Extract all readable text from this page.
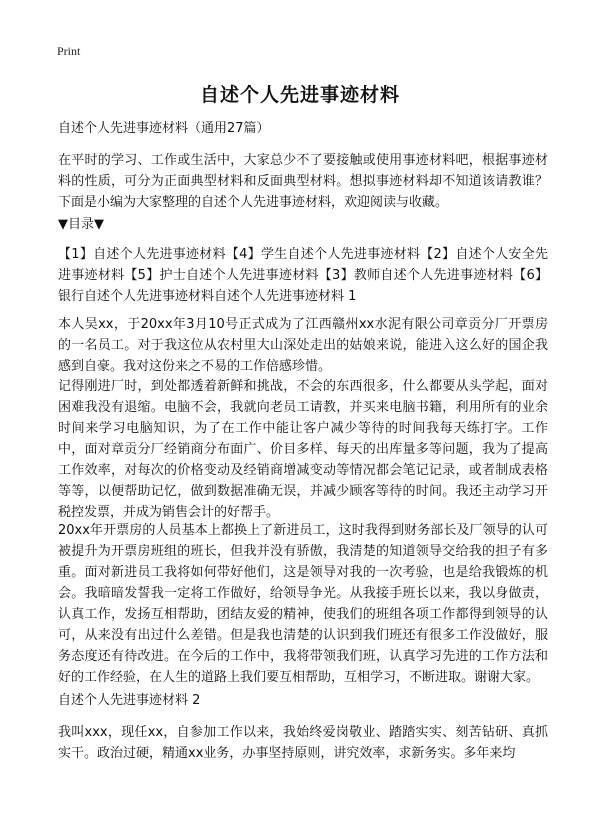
Print
自述个人先进事迹材料
自述个人先进事迹材料（通用27篇）
在平时的学习、工作或生活中，大家总少不了要接触或使用事迹材料吧，根据事迹材料的性质，可分为正面典型材料和反面典型材料。想拟事迹材料却不知道该请教谁？下面是小编为大家整理的自述个人先进事迹材料，欢迎阅读与收藏。
▼目录▼
【1】自述个人先进事迹材料【4】学生自述个人先进事迹材料【2】自述个人安全先进事迹材料【5】护士自述个人先进事迹材料【3】教师自述个人先进事迹材料【6】银行自述个人先进事迹材料自述个人先进事迹材料 1
本人吴xx，于20xx年3月10号正式成为了江西赣州xx水泥有限公司章贡分厂开票房的一名员工。对于我这位从农村里大山深处走出的姑娘来说，能进入这么好的国企我感到自豪。我对这份来之不易的工作倍感珍惜。
记得刚进厂时，到处都透着新鲜和挑战，不会的东西很多，什么都要从头学起，面对困难我没有退缩。电脑不会，我就向老员工请教，并买来电脑书籍，利用所有的业余时间来学习电脑知识，为了在工作中能让客户减少等待的时间我每天练打字。工作中，面对章贡分厂经销商分布面广、价目多样、每天的出库量多等问题，我为了提高工作效率，对每次的价格变动及经销商增减变动等情况都会笔记记录，或者制成表格等等，以便帮助记忆，做到数据准确无误，并减少顾客等待的时间。我还主动学习开税控发票，并成为销售会计的好帮手。
20xx年开票房的人员基本上都换上了新进员工，这时我得到财务部长及厂领导的认可被提升为开票房班组的班长，但我并没有骄傲，我清楚的知道领导交给我的担子有多重。面对新进员工我将如何带好他们，这是领导对我的一次考验，也是给我锻炼的机会。我暗暗发誓我一定将工作做好，给领导争光。从我接手班长以来，我以身做责，认真工作，发扬互相帮助，团结友爱的精神，使我们的班组各项工作都得到领导的认可，从来没有出过什么差错。但是我也清楚的认识到我们班还有很多工作没做好，服务态度还有待改进。在今后的工作中，我将带领我们班，认真学习先进的工作方法和好的工作经验，在人生的道路上我们要互相帮助，互相学习，不断进取。谢谢大家。
自述个人先进事迹材料 2
我叫xxx，现任xx，自参加工作以来，我始终爱岗敬业、踏踏实实、刻苦钻研、真抓实干。政治过硬，精通xx业务，办事坚持原则，讲究效率，求新务实。多年来均
